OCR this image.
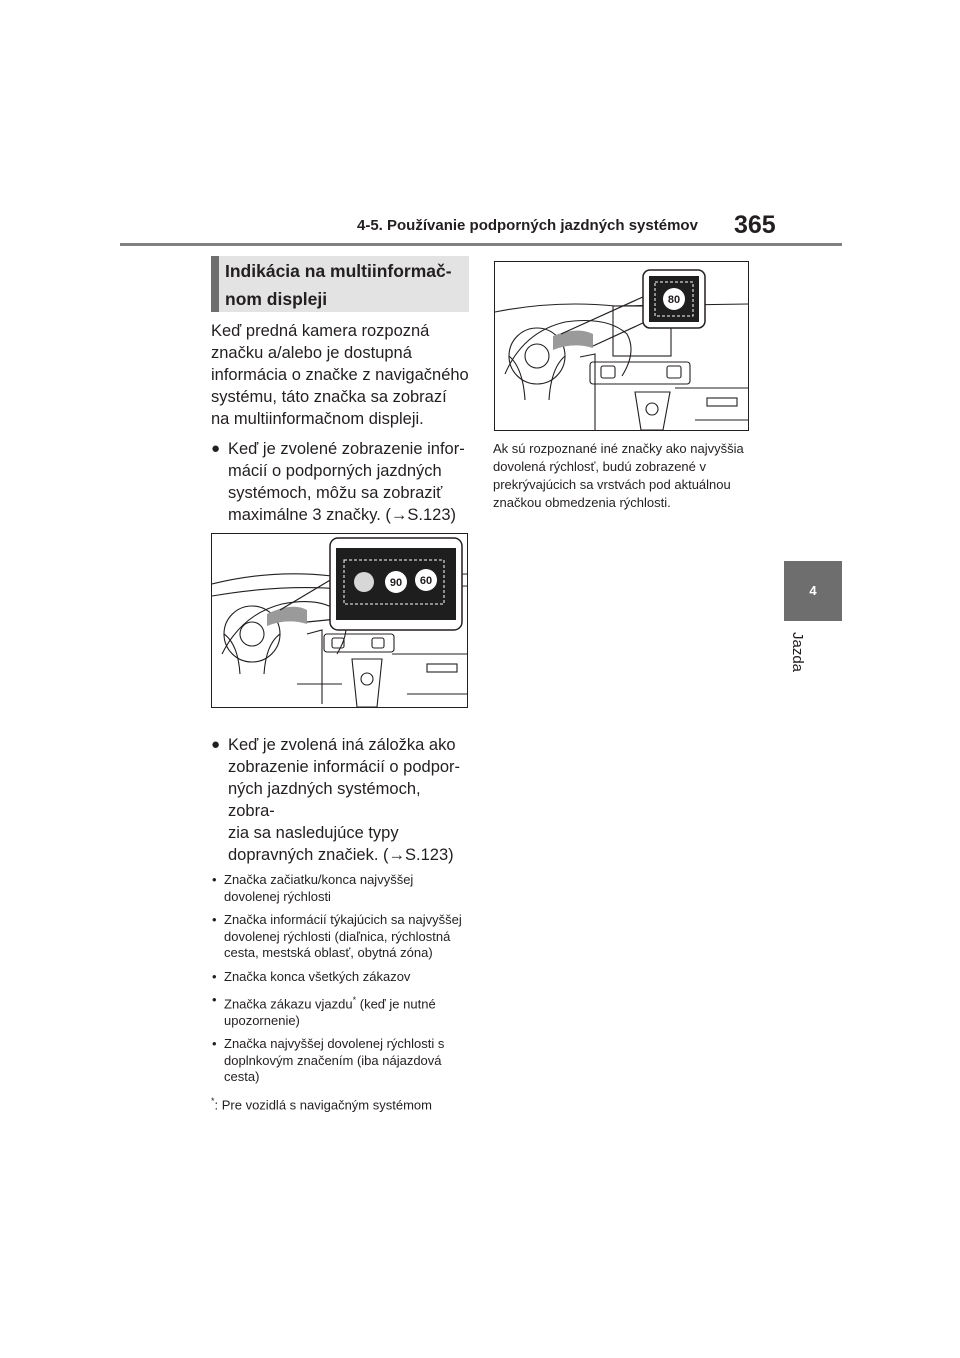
4-5. Používanie podporných jazdných systémov 365
4
Jazda
Indikácia na multiinformač-
nom displeji

Keď predná kamera rozpozná značku a/alebo je dostupná informácia o značke z navigačného systému, táto značka sa zobrazí na multiinformačnom displeji.

● Keď je zvolené zobrazenie infor-
mácií o podporných jazdných
systémoch, môžu sa zobraziť
maximálne 3 značky. (→S.123)
● Keď je zvolená iná záložka ako
zobrazenie informácií o podpor-
ných jazdných systémoch, zobra-
zia sa nasledujúce typy
dopravných značiek. (→S.123)
• Značka začiatku/konca najvyššej dovolenej rýchlosti
• Značka informácií týkajúcich sa najvyššej dovolenej rýchlosti (diaľnica, rýchlostná cesta, mestská oblasť, obytná zóna)
• Značka konca všetkých zákazov
• Značka zákazu vjazdu* (keď je nutné upozornenie)
• Značka najvyššej dovolenej rýchlosti s doplnkovým značením (iba nájazdová cesta)
*: Pre vozidlá s navigačným systémom
90 60
80
Ak sú rozpoznané iné značky ako najvyššia dovolená rýchlosť, budú zobrazené v prekrývajúcich sa vrstvách pod aktuálnou značkou obmedzenia rýchlosti.
